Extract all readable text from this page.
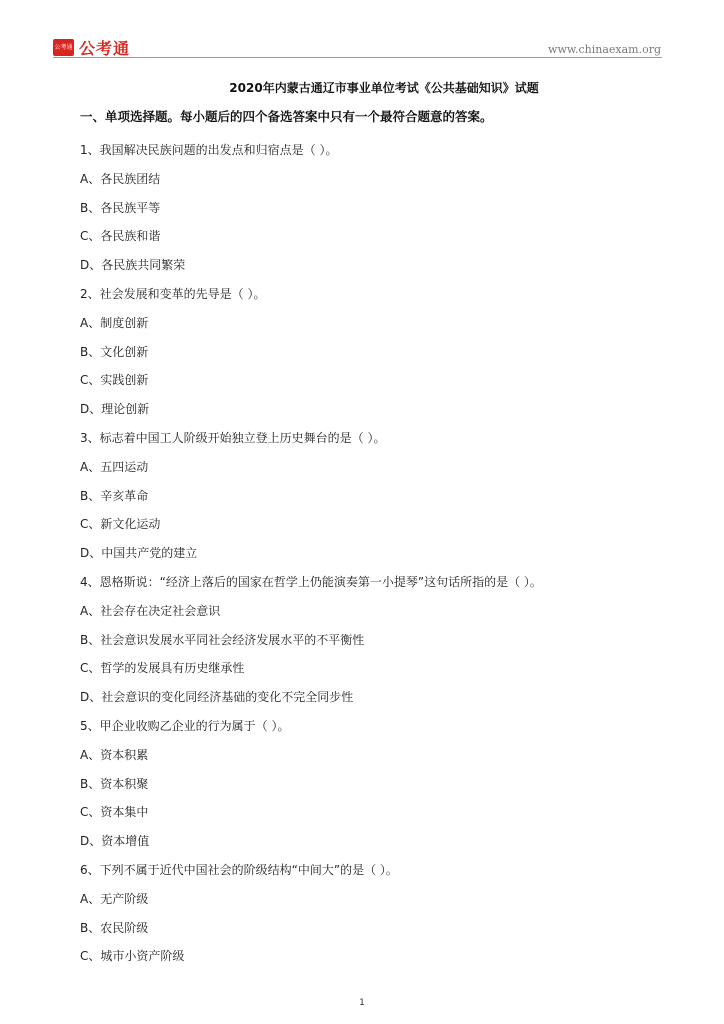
公考通 公考通	www.chinaexam.org
2020年内蒙古通辽市事业单位考试《公共基础知识》试题
一、单项选择题。每小题后的四个备选答案中只有一个最符合题意的答案。
1、我国解决民族问题的出发点和归宿点是（ ）。
A、各民族团结
B、各民族平等
C、各民族和谐
D、各民族共同繁荣
2、社会发展和变革的先导是（ ）。
A、制度创新
B、文化创新
C、实践创新
D、理论创新
3、标志着中国工人阶级开始独立登上历史舞台的是（ ）。
A、五四运动
B、辛亥革命
C、新文化运动
D、中国共产党的建立
4、恩格斯说：“经济上落后的国家在哲学上仍能演奏第一小提琴”这句话所指的是（ ）。
A、社会存在决定社会意识
B、社会意识发展水平同社会经济发展水平的不平衡性
C、哲学的发展具有历史继承性
D、社会意识的变化同经济基础的变化不完全同步性
5、甲企业收购乙企业的行为属于（ ）。
A、资本积累
B、资本积聚
C、资本集中
D、资本增值
6、下列不属于近代中国社会的阶级结构“中间大”的是（ ）。
A、无产阶级
B、农民阶级
C、城市小资产阶级
1
